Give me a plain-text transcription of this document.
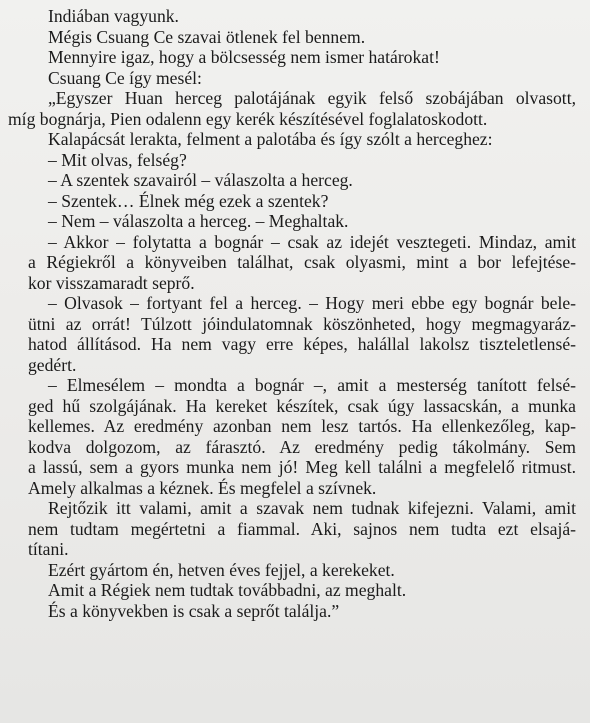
Indiában vagyunk.

Mégis Csuang Ce szavai ötlenek fel bennem.

Mennyire igaz, hogy a bölcsesség nem ismer határokat!

Csuang Ce így mesél:

„Egyszer Huan herceg palotájának egyik felső szobájában olvasott,
míg bognárja, Pien odalenn egy kerék készítésével foglalatoskodott.

Kalapácsát lerakta, felment a palotába és így szólt a herceghez:

– Mit olvas, felség?

– A szentek szavairól – válaszolta a herceg.

– Szentek… Élnek még ezek a szentek?

– Nem – válaszolta a herceg. – Meghaltak.

– Akkor – folytatta a bognár – csak az idejét vesztegeti. Mindaz, amit
a Régiekről a könyveiben találhat, csak olyasmi, mint a bor lefejtése-
kor visszamaradt seprő.

– Olvasok – fortyant fel a herceg. – Hogy meri ebbe egy bognár bele-
ütni az orrát! Túlzott jóindulatomnak köszönheted, hogy megmagyaráz-
hatod állításod. Ha nem vagy erre képes, halállal lakolsz tiszteletlensé-
gedért.

– Elmesélem – mondta a bognár –, amit a mesterség tanított felsé-
ged hű szolgájának. Ha kereket készítek, csak úgy lassacskán, a munka
kellemes. Az eredmény azonban nem lesz tartós. Ha ellenkezőleg, kap-
kodva dolgozom, az fárasztó. Az eredmény pedig tákolmány. Sem
a lassú, sem a gyors munka nem jó! Meg kell találni a megfelelő ritmust.
Amely alkalmas a kéznek. És megfelel a szívnek.

Rejtőzik itt valami, amit a szavak nem tudnak kifejezni. Valami, amit
nem tudtam megértetni a fiammal. Aki, sajnos nem tudta ezt elsajá-
títani.

Ezért gyártom én, hetven éves fejjel, a kerekeket.

Amit a Régiek nem tudtak továbbadni, az meghalt.

És a könyvekben is csak a seprőt találja.”
